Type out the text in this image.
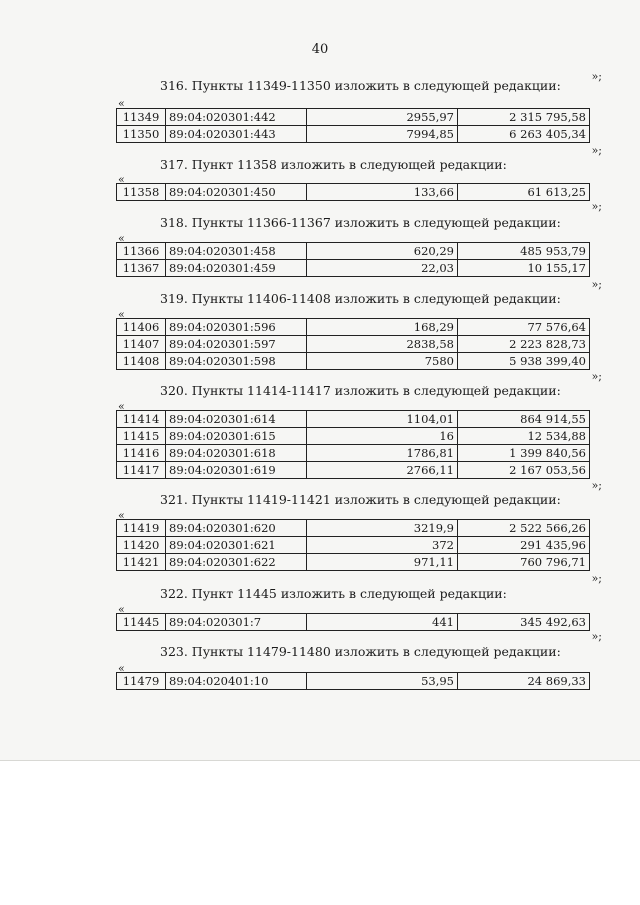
40
»;
316. Пункты 11349-11350 изложить в следующей редакции:
«
11349	89:04:020301:442	2955,97	2 315 795,58
11350	89:04:020301:443	7994,85	6 263 405,34
»;
317. Пункт 11358 изложить в следующей редакции:
«
11358	89:04:020301:450	133,66	61 613,25
»;
318. Пункты 11366-11367 изложить в следующей редакции:
«
11366	89:04:020301:458	620,29	485 953,79
11367	89:04:020301:459	22,03	10 155,17
»;
319. Пункты 11406-11408 изложить в следующей редакции:
«
11406	89:04:020301:596	168,29	77 576,64
11407	89:04:020301:597	2838,58	2 223 828,73
11408	89:04:020301:598	7580	5 938 399,40
»;
320. Пункты 11414-11417 изложить в следующей редакции:
«
11414	89:04:020301:614	1104,01	864 914,55
11415	89:04:020301:615	16	12 534,88
11416	89:04:020301:618	1786,81	1 399 840,56
11417	89:04:020301:619	2766,11	2 167 053,56
»;
321. Пункты 11419-11421 изложить в следующей редакции:
«
11419	89:04:020301:620	3219,9	2 522 566,26
11420	89:04:020301:621	372	291 435,96
11421	89:04:020301:622	971,11	760 796,71
»;
322. Пункт 11445 изложить в следующей редакции:
«
11445	89:04:020301:7	441	345 492,63
»;
323. Пункты 11479-11480 изложить в следующей редакции:
«
11479	89:04:020401:10	53,95	24 869,33
